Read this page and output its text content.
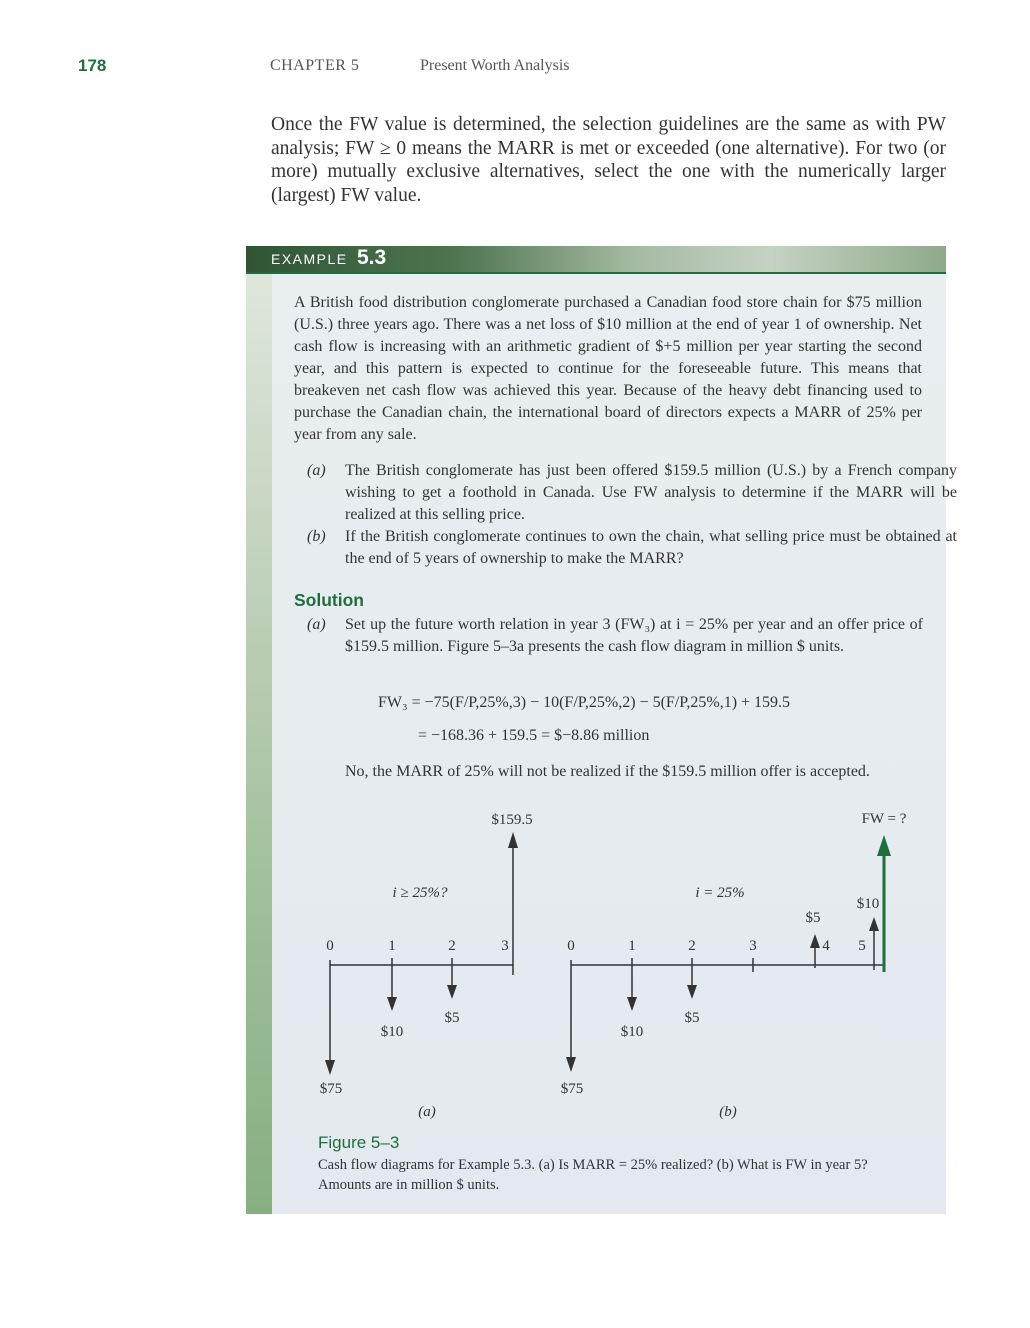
178	CHAPTER 5	Present Worth Analysis

Once the FW value is determined, the selection guidelines are the same as with PW analysis; FW ≥ 0 means the MARR is met or exceeded (one alternative). For two (or more) mutually exclusive alternatives, select the one with the numerically larger (largest) FW value.

EXAMPLE 5.3

A British food distribution conglomerate purchased a Canadian food store chain for $75 million (U.S.) three years ago. There was a net loss of $10 million at the end of year 1 of ownership. Net cash flow is increasing with an arithmetic gradient of $+5 million per year starting the second year, and this pattern is expected to continue for the foreseeable future. This means that breakeven net cash flow was achieved this year. Because of the heavy debt financing used to purchase the Canadian chain, the international board of directors expects a MARR of 25% per year from any sale.

(a) The British conglomerate has just been offered $159.5 million (U.S.) by a French company wishing to get a foothold in Canada. Use FW analysis to determine if the MARR will be realized at this selling price.
(b) If the British conglomerate continues to own the chain, what selling price must be obtained at the end of 5 years of ownership to make the MARR?
Solution
(a) Set up the future worth relation in year 3 (FW₃) at i = 25% per year and an offer price of $159.5 million. Figure 5–3a presents the cash flow diagram in million $ units.
FW₃ = −75(F/P,25%,3) − 10(F/P,25%,2) − 5(F/P,25%,1) + 159.5
= −168.36 + 159.5 = $−8.86 million
No, the MARR of 25% will not be realized if the $159.5 million offer is accepted.
0	1	2	3
i ≥ 25%?
$75
$10
$5
$159.5
(a)
0	1	2	3	4 5
i = 25%
$75
$10
$5
$5
$10
FW = ?
(b)
Figure 5–3

Cash flow diagrams for Example 5.3. (a) Is MARR = 25% realized? (b) What is FW in year 5? Amounts are in million $ units.
